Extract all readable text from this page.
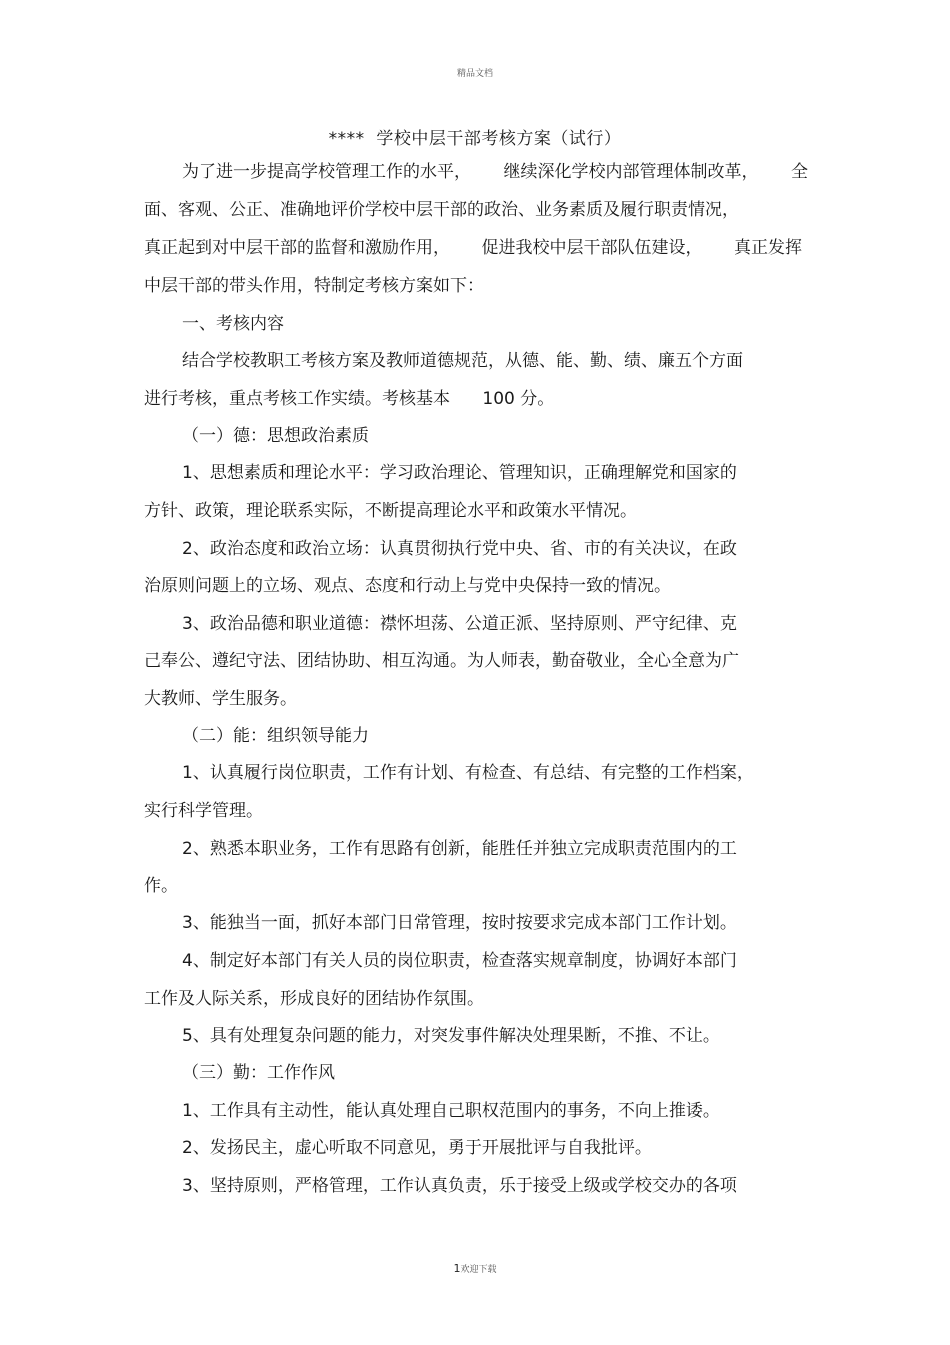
精品文档
****  学校中层干部考核方案（试行）
为了进一步提高学校管理工作的水平， 继续深化学校内部管理体制改革， 全
面、客观、公正、准确地评价学校中层干部的政治、业务素质及履行职责情况，
真正起到对中层干部的监督和激励作用， 促进我校中层干部队伍建设， 真正发挥
中层干部的带头作用，特制定考核方案如下：
一、考核内容
结合学校教职工考核方案及教师道德规范，从德、能、勤、绩、廉五个方面
进行考核，重点考核工作实绩。考核基本      100 分。
（一）德：思想政治素质
1、思想素质和理论水平：学习政治理论、管理知识，正确理解党和国家的
方针、政策，理论联系实际，不断提高理论水平和政策水平情况。
2、政治态度和政治立场：认真贯彻执行党中央、省、市的有关决议，在政
治原则问题上的立场、观点、态度和行动上与党中央保持一致的情况。
3、政治品德和职业道德：襟怀坦荡、公道正派、坚持原则、严守纪律、克
己奉公、遵纪守法、团结协助、相互沟通。为人师表，勤奋敬业，全心全意为广
大教师、学生服务。
（二）能：组织领导能力
1、认真履行岗位职责，工作有计划、有检查、有总结、有完整的工作档案，
实行科学管理。
2、熟悉本职业务，工作有思路有创新，能胜任并独立完成职责范围内的工
作。
3、能独当一面，抓好本部门日常管理，按时按要求完成本部门工作计划。
4、制定好本部门有关人员的岗位职责，检查落实规章制度，协调好本部门
工作及人际关系，形成良好的团结协作氛围。
5、具有处理复杂问题的能力，对突发事件解决处理果断，不推、不让。
（三）勤：工作作风
1、工作具有主动性，能认真处理自己职权范围内的事务，不向上推诿。
2、发扬民主，虚心听取不同意见，勇于开展批评与自我批评。
3、坚持原则，严格管理，工作认真负责，乐于接受上级或学校交办的各项
1欢迎下载
